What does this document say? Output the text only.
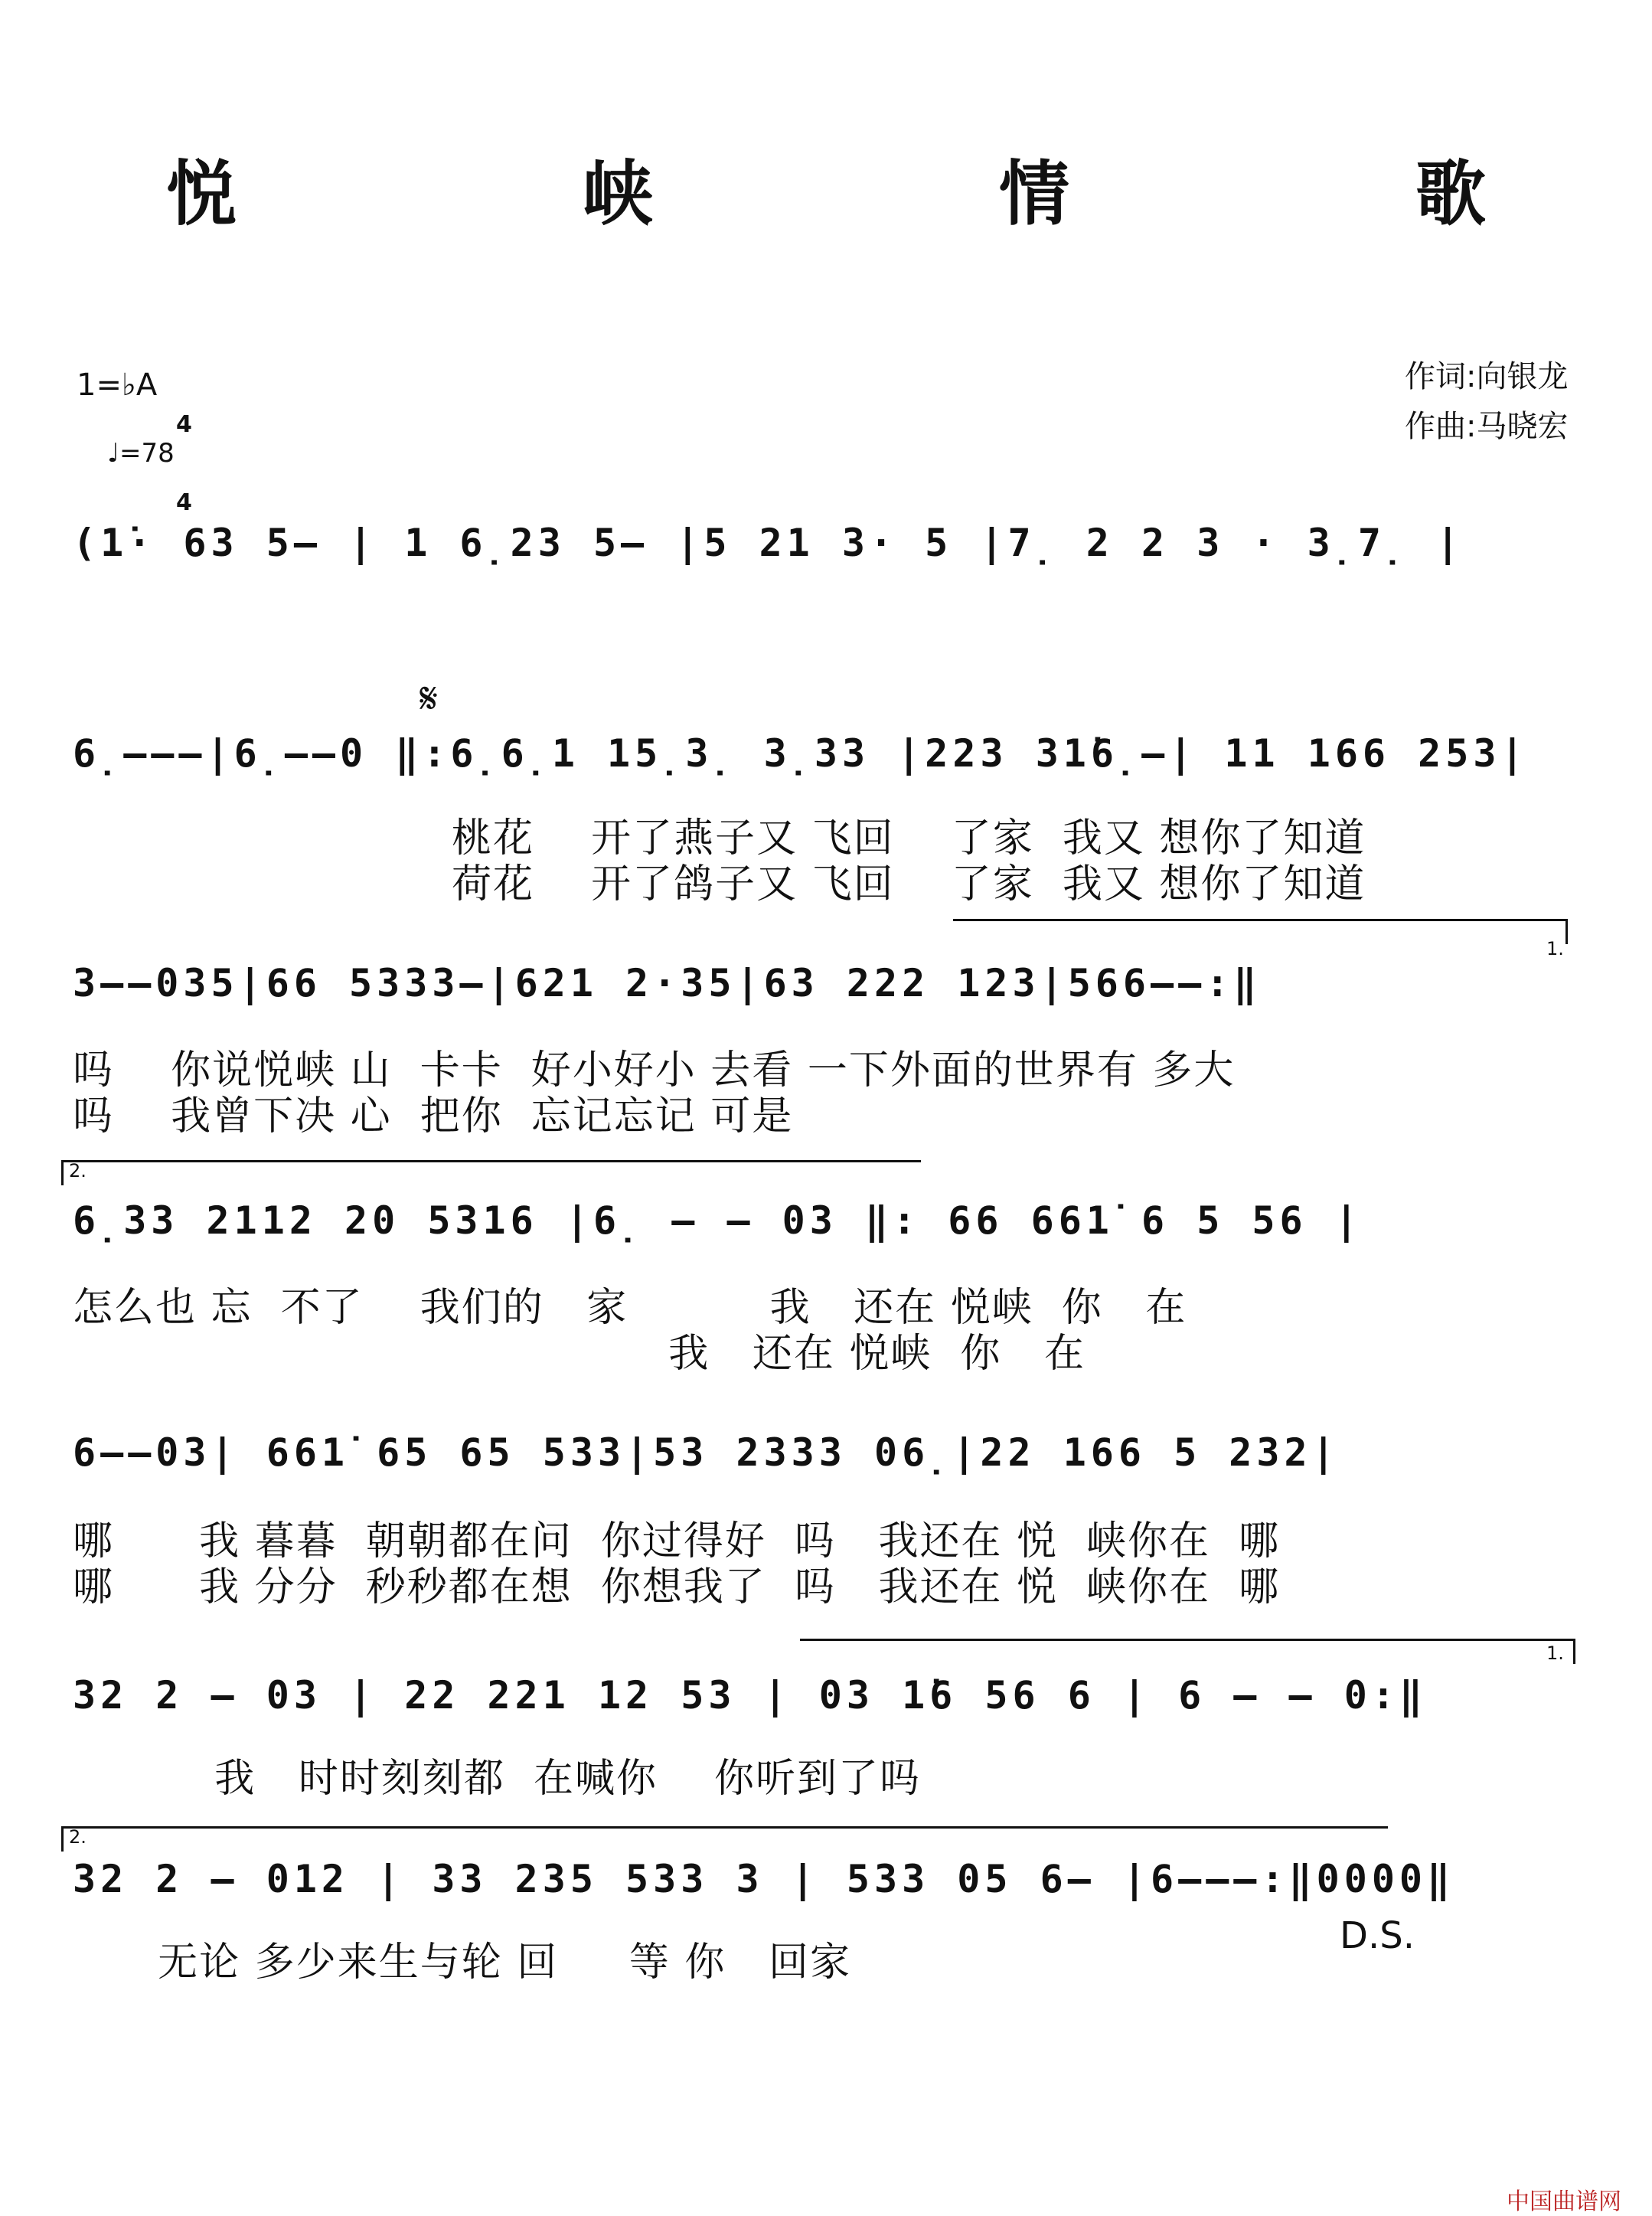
悦 峡 情 歌
1=♭A

4

4

♩=78
作词:向银龙
作曲:马晓宏
𝄋
(1̇· 63 5— | 1 6̣23 5— |5 21 3· 5 |7̣ 2 2 3 · 3̣7̣ |
6̣———|6̣——0 ‖:6̣6̣1 15̣3̣ 3̣33 |223 31̇6̣—| 11 166 253|
桃花    开了燕子又 飞回    了家  我又 想你了知道
荷花    开了鸽子又 飞回    了家  我又 想你了知道
1.
3——035|66 5333—|621 2·35|63 222 123|566——:‖
吗    你说悦峡 山  卡卡  好小好小 去看 一下外面的世界有 多大
吗    我曾下决 心  把你  忘记忘记 可是
2.
6̣33 2112 20 5316 |6̣ — — 03 ‖: 66 661̇ 6 5 56 |
怎么也 忘  不了    我们的   家          我   还在 悦峡  你   在
我   还在 悦峡  你   在
6——03| 661̇ 65 65 533|53 2333 06̣|22 166 5 232|
哪      我 暮暮  朝朝都在问  你过得好  吗   我还在 悦  峡你在  哪
哪      我 分分  秒秒都在想  你想我了  吗   我还在 悦  峡你在  哪
1.
32 2 — 03 | 22 221 12 53 | 03 1̇6 56 6 | 6 — — 0:‖
我   时时刻刻都  在喊你    你听到了吗
2.
32 2 — 012 | 33 235 533 3 | 533 05 6— |6———:‖0000‖
无论 多少来生与轮 回     等 你   回家
D.S.
中国曲谱网
